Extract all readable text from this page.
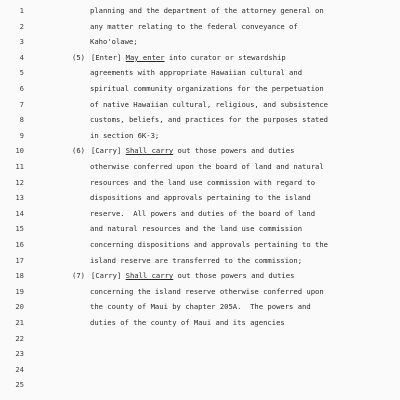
1	planning and the department of the attorney general on
2	any matter relating to the federal conveyance of
3	Kaho'olawe;
4	(5) [Enter] May enter into curator or stewardship
5	agreements with appropriate Hawaiian cultural and
6	spiritual community organizations for the perpetuation
7	of native Hawaiian cultural, religious, and subsistence
8	customs, beliefs, and practices for the purposes stated
9	in section 6K-3;
10	(6) [Carry] Shall carry out those powers and duties
11	otherwise conferred upon the board of land and natural
12	resources and the land use commission with regard to
13	dispositions and approvals pertaining to the island
14	reserve.  All powers and duties of the board of land
15	and natural resources and the land use commission
16	concerning dispositions and approvals pertaining to the
17	island reserve are transferred to the commission;
18	(7) [Carry] Shall carry out those powers and duties
19	concerning the island reserve otherwise conferred upon
20	the county of Maui by chapter 205A.  The powers and
21	duties of the county of Maui and its agencies
22
23
24
25
